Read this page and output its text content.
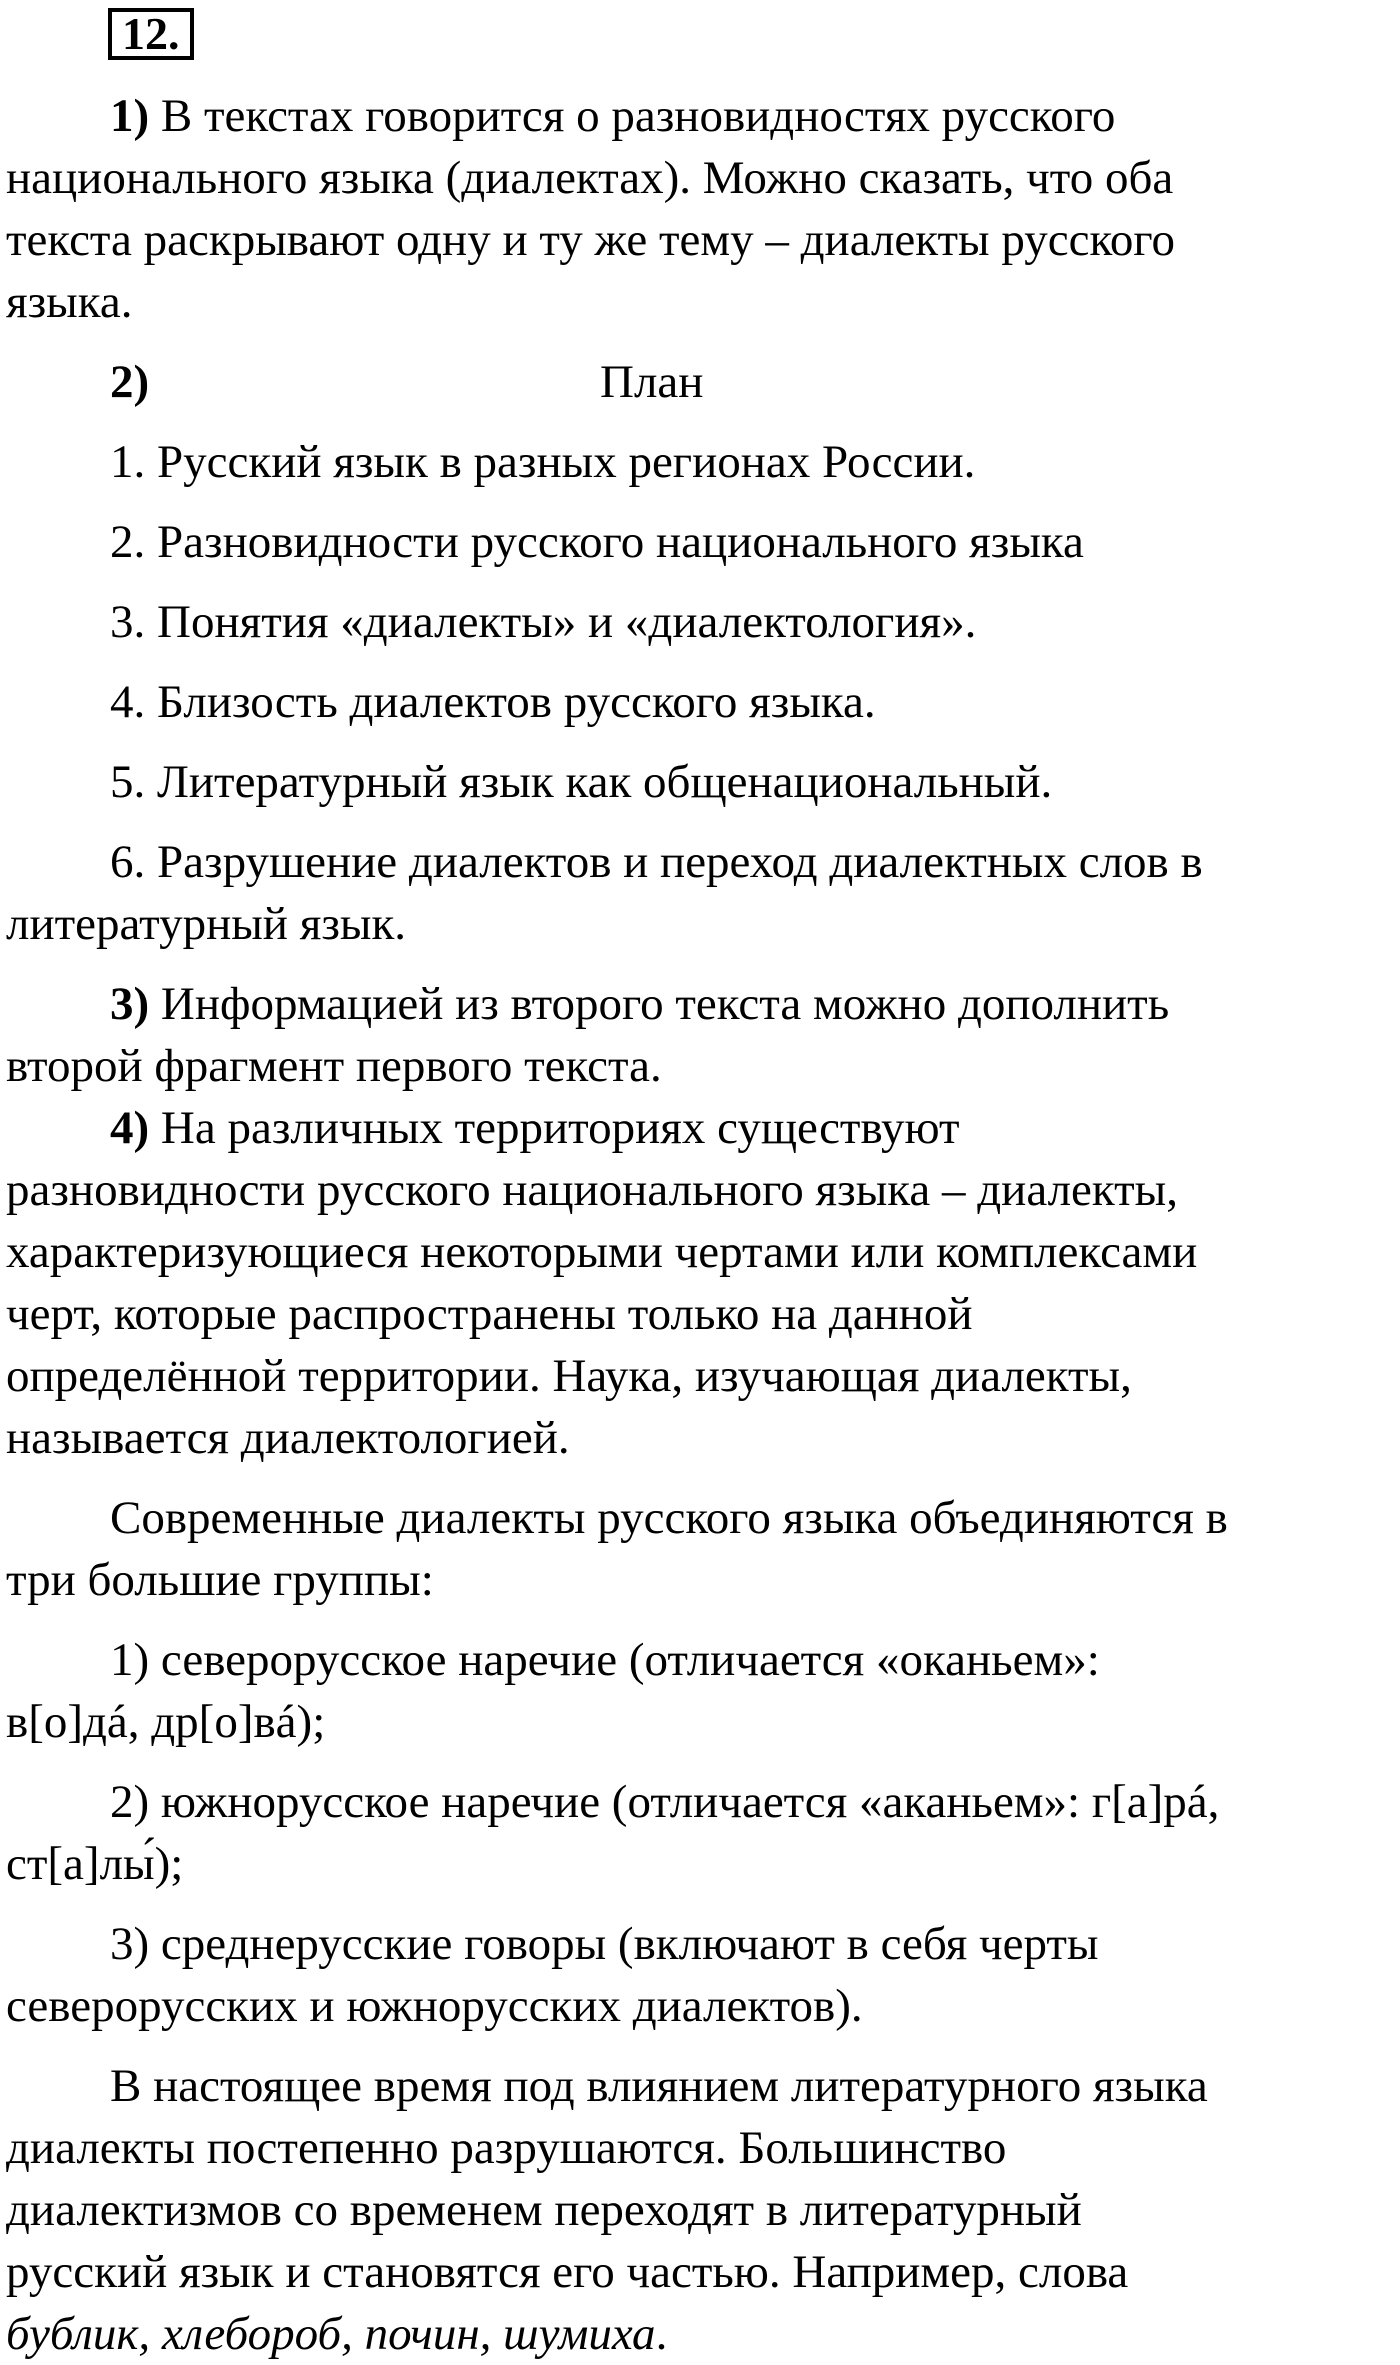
12.

1) В текстах говорится о разновидностях русского

национального языка (диалектах). Можно сказать, что оба

текста раскрывают одну и ту же тему – диалекты русского

языка.

2)	План

1. Русский язык в разных регионах России.

2. Разновидности русского национального языка

3. Понятия «диалекты» и «диалектология».

4. Близость диалектов русского языка.

5. Литературный язык как общенациональный.

6. Разрушение диалектов и переход диалектных слов в

литературный язык.

3) Информацией из второго текста можно дополнить

второй фрагмент первого текста.

4) На различных территориях существуют

разновидности русского национального языка – диалекты,

характеризующиеся некоторыми чертами или комплексами

черт, которые распространены только на данной

определённой территории. Наука, изучающая диалекты,

называется диалектологией.

Современные диалекты русского языка объединяются в

три большие группы:

1) северорусское наречие (отличается «оканьем»:

в[о]дá, др[о]вá);

2) южнорусское наречие (отличается «аканьем»: г[а]рá,

ст[а]лы́);

3) среднерусские говоры (включают в себя черты

северорусских и южнорусских диалектов).

В настоящее время под влиянием литературного языка

диалекты постепенно разрушаются. Большинство

диалектизмов со временем переходят в литературный

русский язык и становятся его частью. Например, слова

бублик, хлебороб, почин, шумиха.
